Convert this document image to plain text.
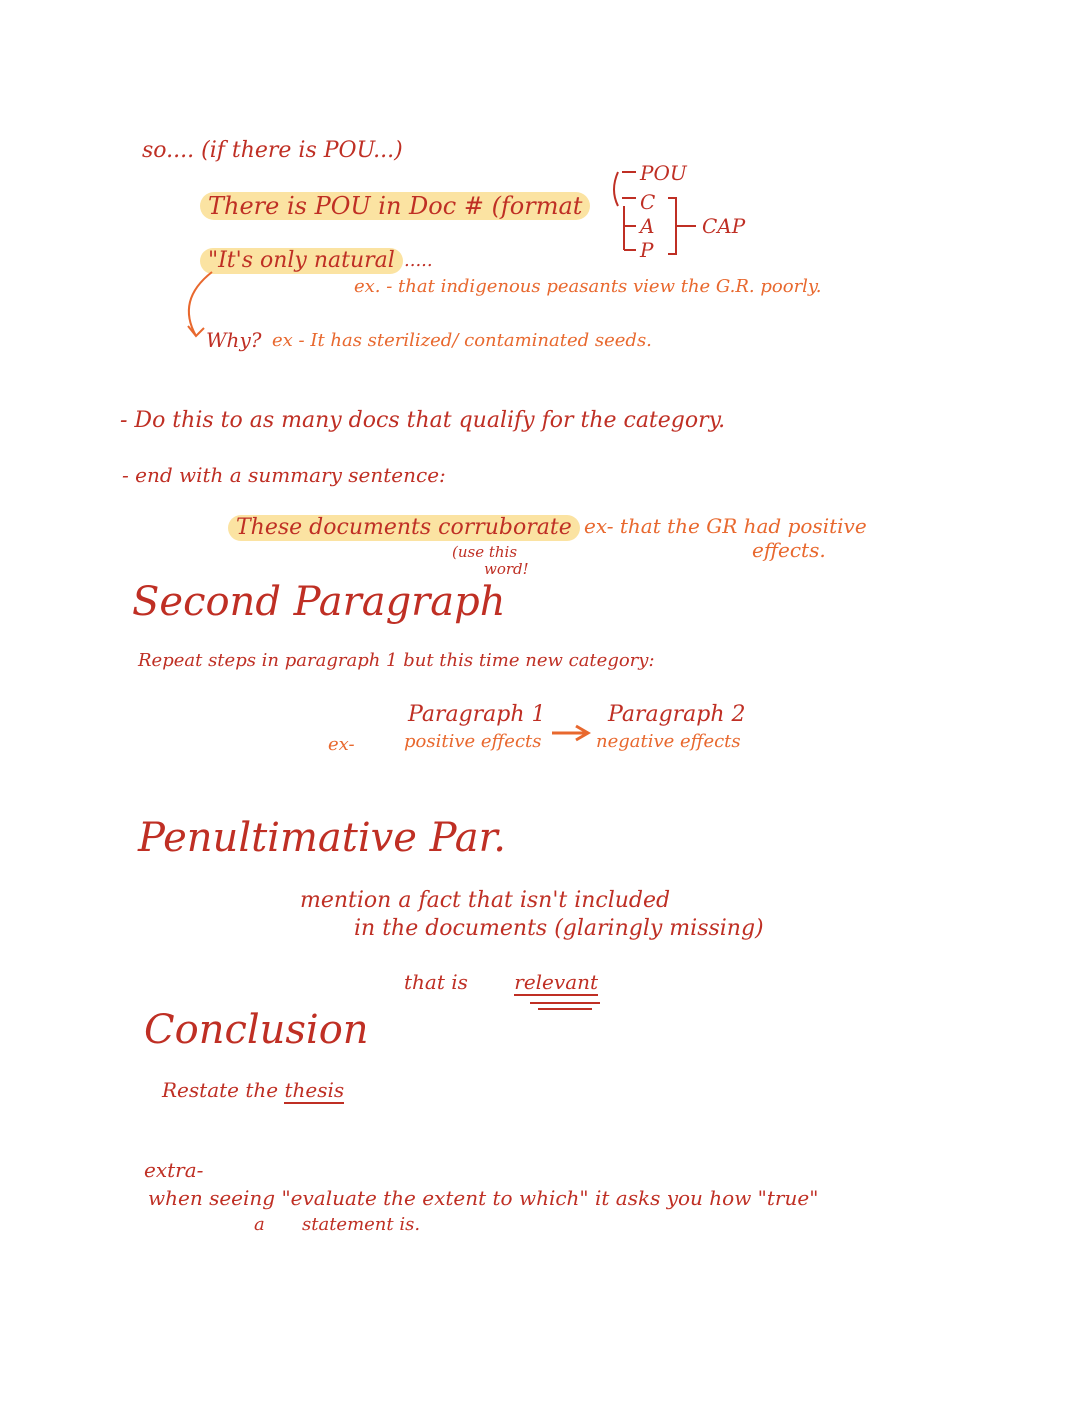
so.... (if there is POU...)
There is POU in Doc # (format
POU
C
A
P
CAP
"It's only natural .....
ex. - that indigenous peasants view the G.R. poorly.
Why? ex - It has sterilized/ contaminated seeds.
- Do this to as many docs that qualify for the category.
- end with a summary sentence:
These documents corruborate ex- that the GR had positive
effects.
(use this
word!
Second Paragraph
Repeat steps in paragraph 1 but this time new category:
ex-
Paragraph 1
positive effects
Paragraph 2
negative effects
Penultimative Par.
mention a fact that isn't included
in the documents (glaringly missing)
that is relevant
Conclusion
Restate the thesis
extra-
when seeing "evaluate the extent to which" it asks you how "true"
a statement is.
